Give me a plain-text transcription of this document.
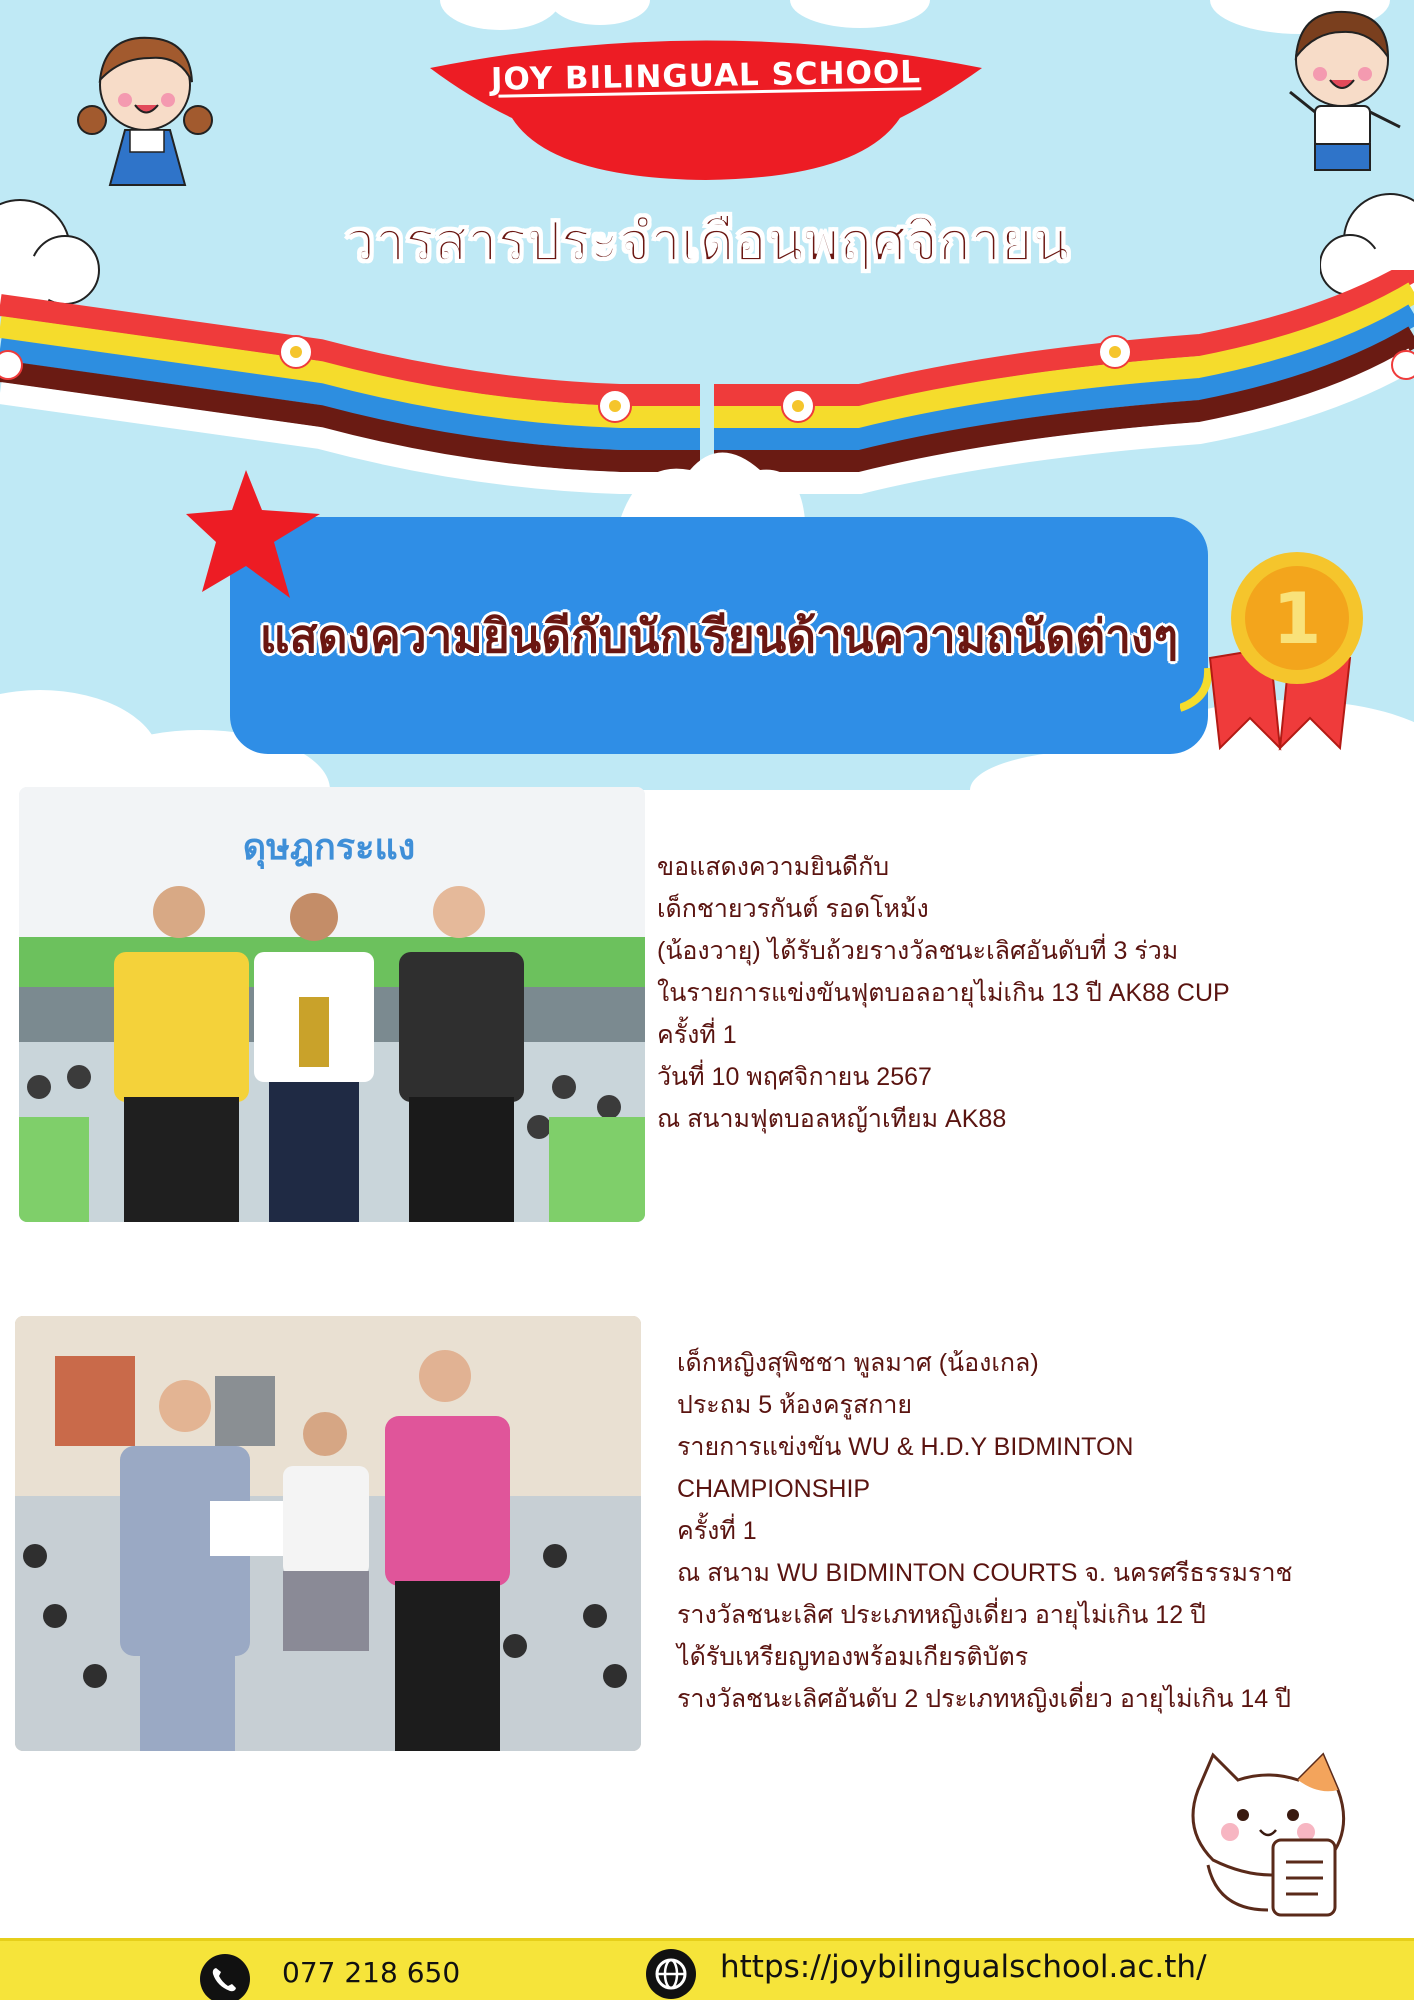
JOY BILINGUAL SCHOOL
วารสารประจำเดือนพฤศจิกายน
แสดงความยินดีกับนักเรียนด้านความถนัดต่างๆ	1
ดุษฎกระแง	ขอแสดงความยินดีกับ

เด็กชายวรกันต์ รอดโหม้ง

(น้องวายุ) ได้รับถ้วยรางวัลชนะเลิศอันดับที่ 3 ร่วม

ในรายการแข่งขันฟุตบอลอายุไม่เกิน 13 ปี AK88 CUP

ครั้งที่ 1

วันที่ 10 พฤศจิกายน 2567

ณ สนามฟุตบอลหญ้าเทียม AK88

เด็กหญิงสุพิชชา พูลมาศ (น้องเกล)

ประถม 5 ห้องครูสกาย

รายการแข่งขัน WU & H.D.Y BIDMINTON

CHAMPIONSHIP

ครั้งที่ 1

ณ สนาม WU BIDMINTON COURTS จ. นครศรีธรรมราช

รางวัลชนะเลิศ ประเภทหญิงเดี่ยว อายุไม่เกิน 12 ปี

ได้รับเหรียญทองพร้อมเกียรติบัตร

รางวัลชนะเลิศอันดับ 2 ประเภทหญิงเดี่ยว อายุไม่เกิน 14 ปี

077 218 650	https://joybilingualschool.ac.th/
